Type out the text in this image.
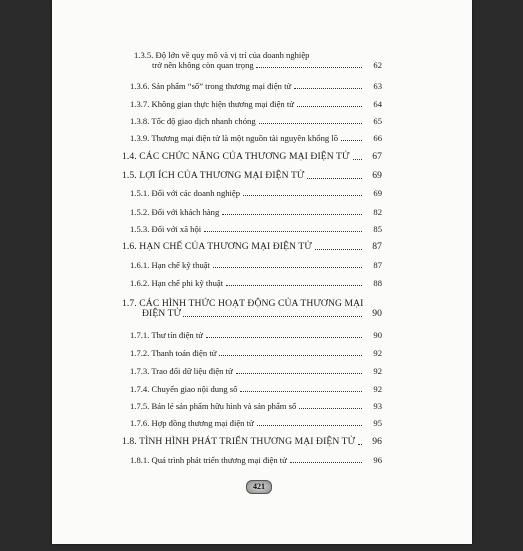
1.3.5. Độ lớn về quy mô và vị trí của doanh nghiệp
trở nên không còn quan trọng	62
1.3.6. Sản phẩm “số” trong thương mại điện tử	63
1.3.7. Không gian thực hiện thương mại điện tử	64
1.3.8. Tốc độ giao dịch nhanh chóng	65
1.3.9. Thương mại điện tử là một nguồn tài nguyên khổng lồ	66
1.4. CÁC CHỨC NĂNG CỦA THƯƠNG MẠI ĐIỆN TỬ	67
1.5. LỢI ÍCH CỦA THƯƠNG MẠI ĐIỆN TỬ	69
1.5.1. Đối với các doanh nghiệp	69
1.5.2. Đối với khách hàng	82
1.5.3. Đối với xã hội	85
1.6. HẠN CHẾ CỦA THƯƠNG MẠI ĐIỆN TỬ	87
1.6.1. Hạn chế kỹ thuật	87
1.6.2. Hạn chế phi kỹ thuật	88
1.7. CÁC HÌNH THỨC HOẠT ĐỘNG CỦA THƯƠNG MẠI
ĐIỆN TỬ	90
1.7.1. Thư tín điện tử	90
1.7.2. Thanh toán điện tử	92
1.7.3. Trao đổi dữ liệu điện tử	92
1.7.4. Chuyển giao nội dung số	92
1.7.5. Bán lẻ sản phẩm hữu hình và sản phẩm số	93
1.7.6. Hợp đồng thương mại điện tử	95
1.8. TÌNH HÌNH PHÁT TRIỂN THƯƠNG MẠI ĐIỆN TỬ	96
1.8.1. Quá trình phát triển thương mại điện tử	96
421
